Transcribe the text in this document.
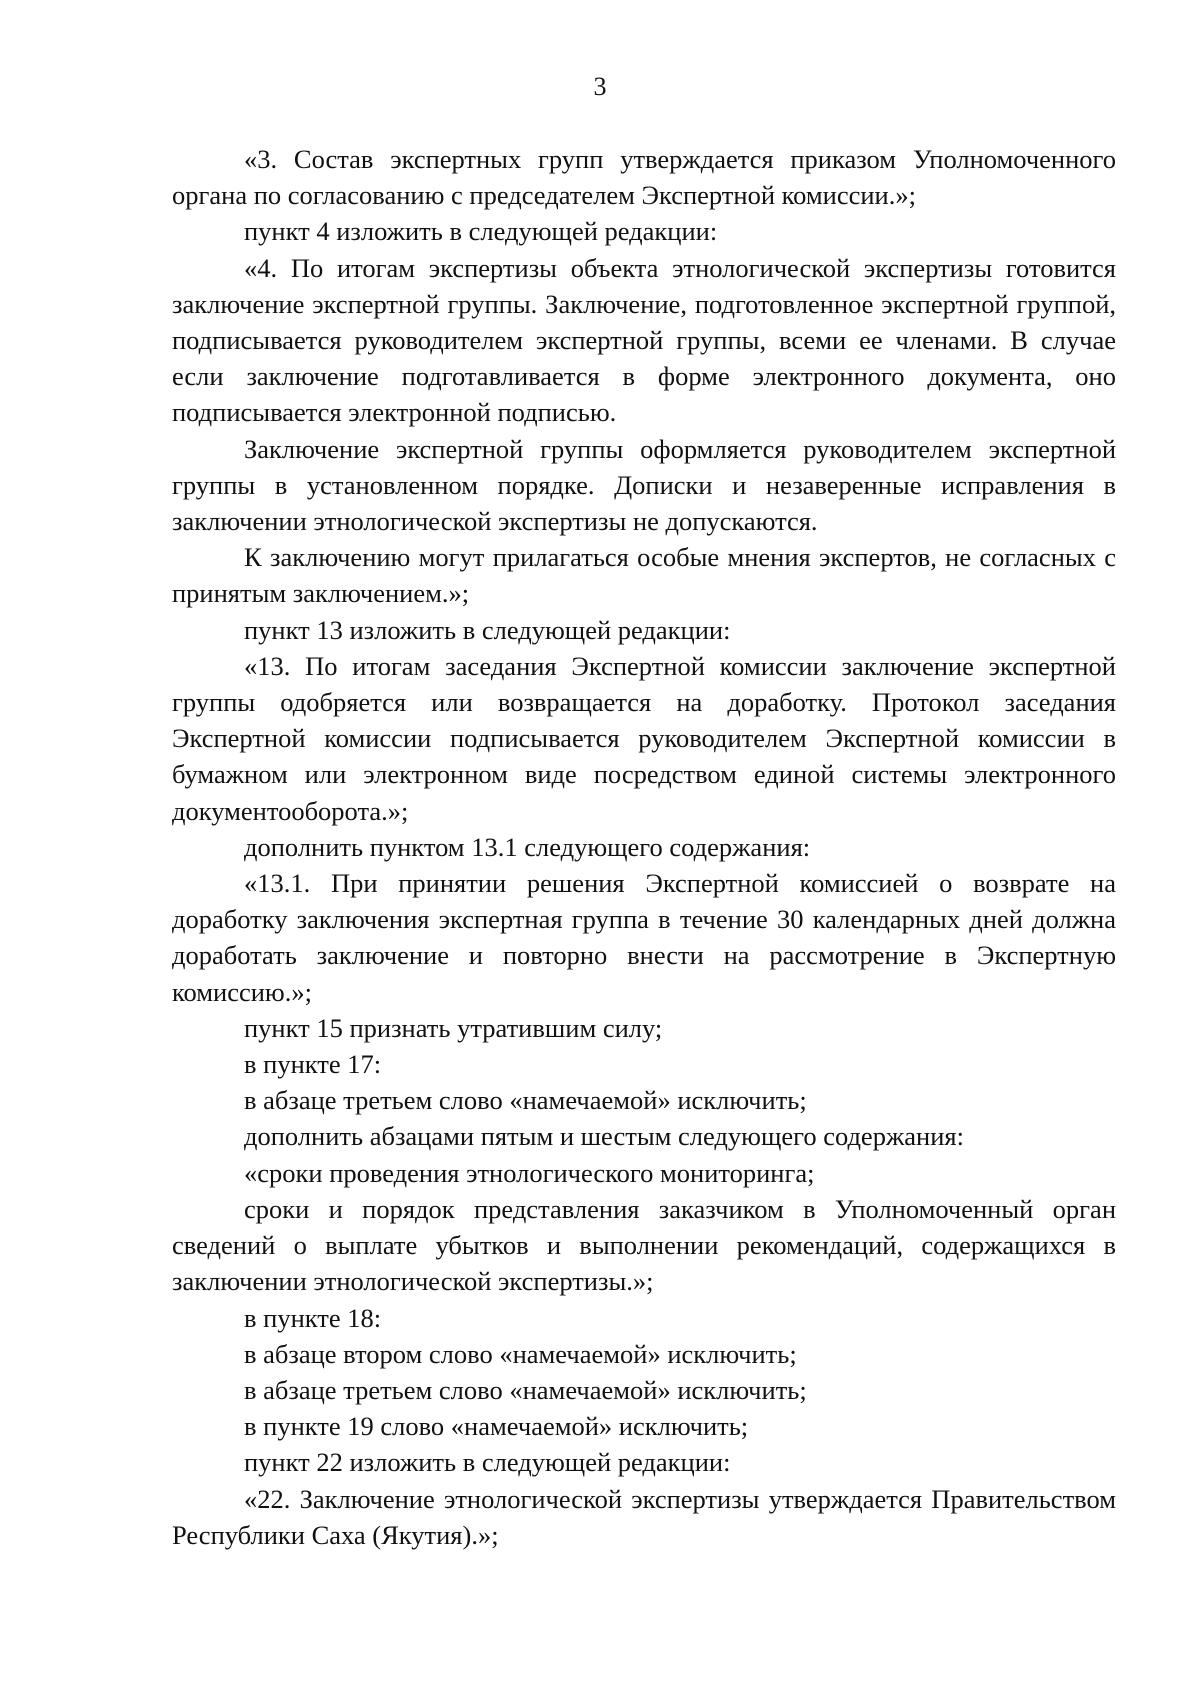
3

«3. Состав экспертных групп утверждается приказом Уполномоченного органа по согласованию с председателем Экспертной комиссии.»;

пункт 4 изложить в следующей редакции:

«4. По итогам экспертизы объекта этнологической экспертизы готовится заключение экспертной группы. Заключение, подготовленное экспертной группой, подписывается руководителем экспертной группы, всеми ее членами. В случае если заключение подготавливается в форме электронного документа, оно подписывается электронной подписью.

Заключение экспертной группы оформляется руководителем экспертной группы в установленном порядке. Дописки и незаверенные исправления в заключении этнологической экспертизы не допускаются.

К заключению могут прилагаться особые мнения экспертов, не согласных с принятым заключением.»;

пункт 13 изложить в следующей редакции:

«13. По итогам заседания Экспертной комиссии заключение экспертной группы одобряется или возвращается на доработку. Протокол заседания Экспертной комиссии подписывается руководителем Экспертной комиссии в бумажном или электронном виде посредством единой системы электронного документооборота.»;

дополнить пунктом 13.1 следующего содержания:

«13.1. При принятии решения Экспертной комиссией о возврате на доработку заключения экспертная группа в течение 30 календарных дней должна доработать заключение и повторно внести на рассмотрение в Экспертную комиссию.»;

пункт 15 признать утратившим силу;

в пункте 17:

в абзаце третьем слово «намечаемой» исключить;

дополнить абзацами пятым и шестым следующего содержания:

«сроки проведения этнологического мониторинга;

сроки и порядок представления заказчиком в Уполномоченный орган сведений о выплате убытков и выполнении рекомендаций, содержащихся в заключении этнологической экспертизы.»;

в пункте 18:

в абзаце втором слово «намечаемой» исключить;

в абзаце третьем слово «намечаемой» исключить;

в пункте 19 слово «намечаемой» исключить;

пункт 22 изложить в следующей редакции:

«22. Заключение этнологической экспертизы утверждается Правительством Республики Саха (Якутия).»;
